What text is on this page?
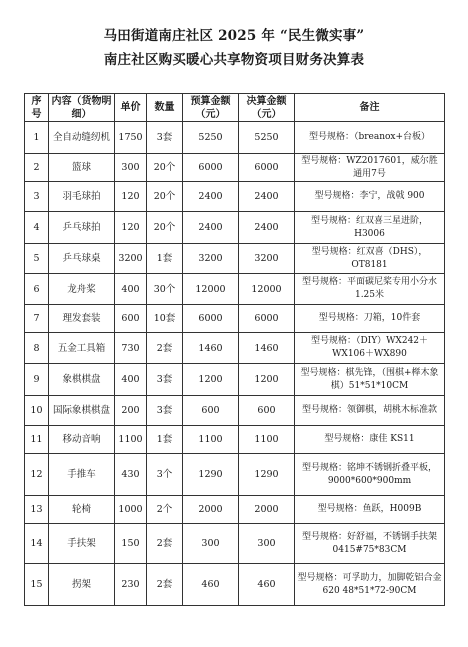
马田街道南庄社区 2025 年 “民生微实事”
南庄社区购买暖心共享物资项目财务决算表
序号	内容（货物明细）	单价	数量	预算金额（元）	决算金额（元）	备注
1	全自动缝纫机	1750	3套	5250	5250	型号规格：（breanox+台板）
2	篮球	300	20个	6000	6000	型号规格：WZ2017601，威尔胜通用7号
3	羽毛球拍	120	20个	2400	2400	型号规格：李宁，战戟 900
4	乒乓球拍	120	20个	2400	2400	型号规格：红双喜三星进阶，H3006
5	乒乓球桌	3200	1套	3200	3200	型号规格：红双喜（DHS），OT8181
6	龙舟桨	400	30个	12000	12000	型号规格：平面碳尼桨专用小分水1.25米
7	理发套装	600	10套	6000	6000	型号规格：刀箱，10件套
8	五金工具箱	730	2套	1460	1460	型号规格：（DIY）WX242＋WX106＋WX890
9	象棋棋盘	400	3套	1200	1200	型号规格：棋先锋，（围棋+榉木象棋）51*51*10CM
10	国际象棋棋盘	200	3套	600	600	型号规格：领御棋，胡桃木标准款
11	移动音响	1100	1套	1100	1100	型号规格：康佳 KS11
12	手推车	430	3个	1290	1290	型号规格：铭坤不锈钢折叠平板，9000*600*900mm
13	轮椅	1000	2个	2000	2000	型号规格：鱼跃，H009B
14	手扶架	150	2套	300	300	型号规格：好舒福，不锈钢手扶架0415#75*83CM
15	拐架	230	2套	460	460	型号规格：可孚助力，加脚乾铝合金620 48*51*72-90CM
